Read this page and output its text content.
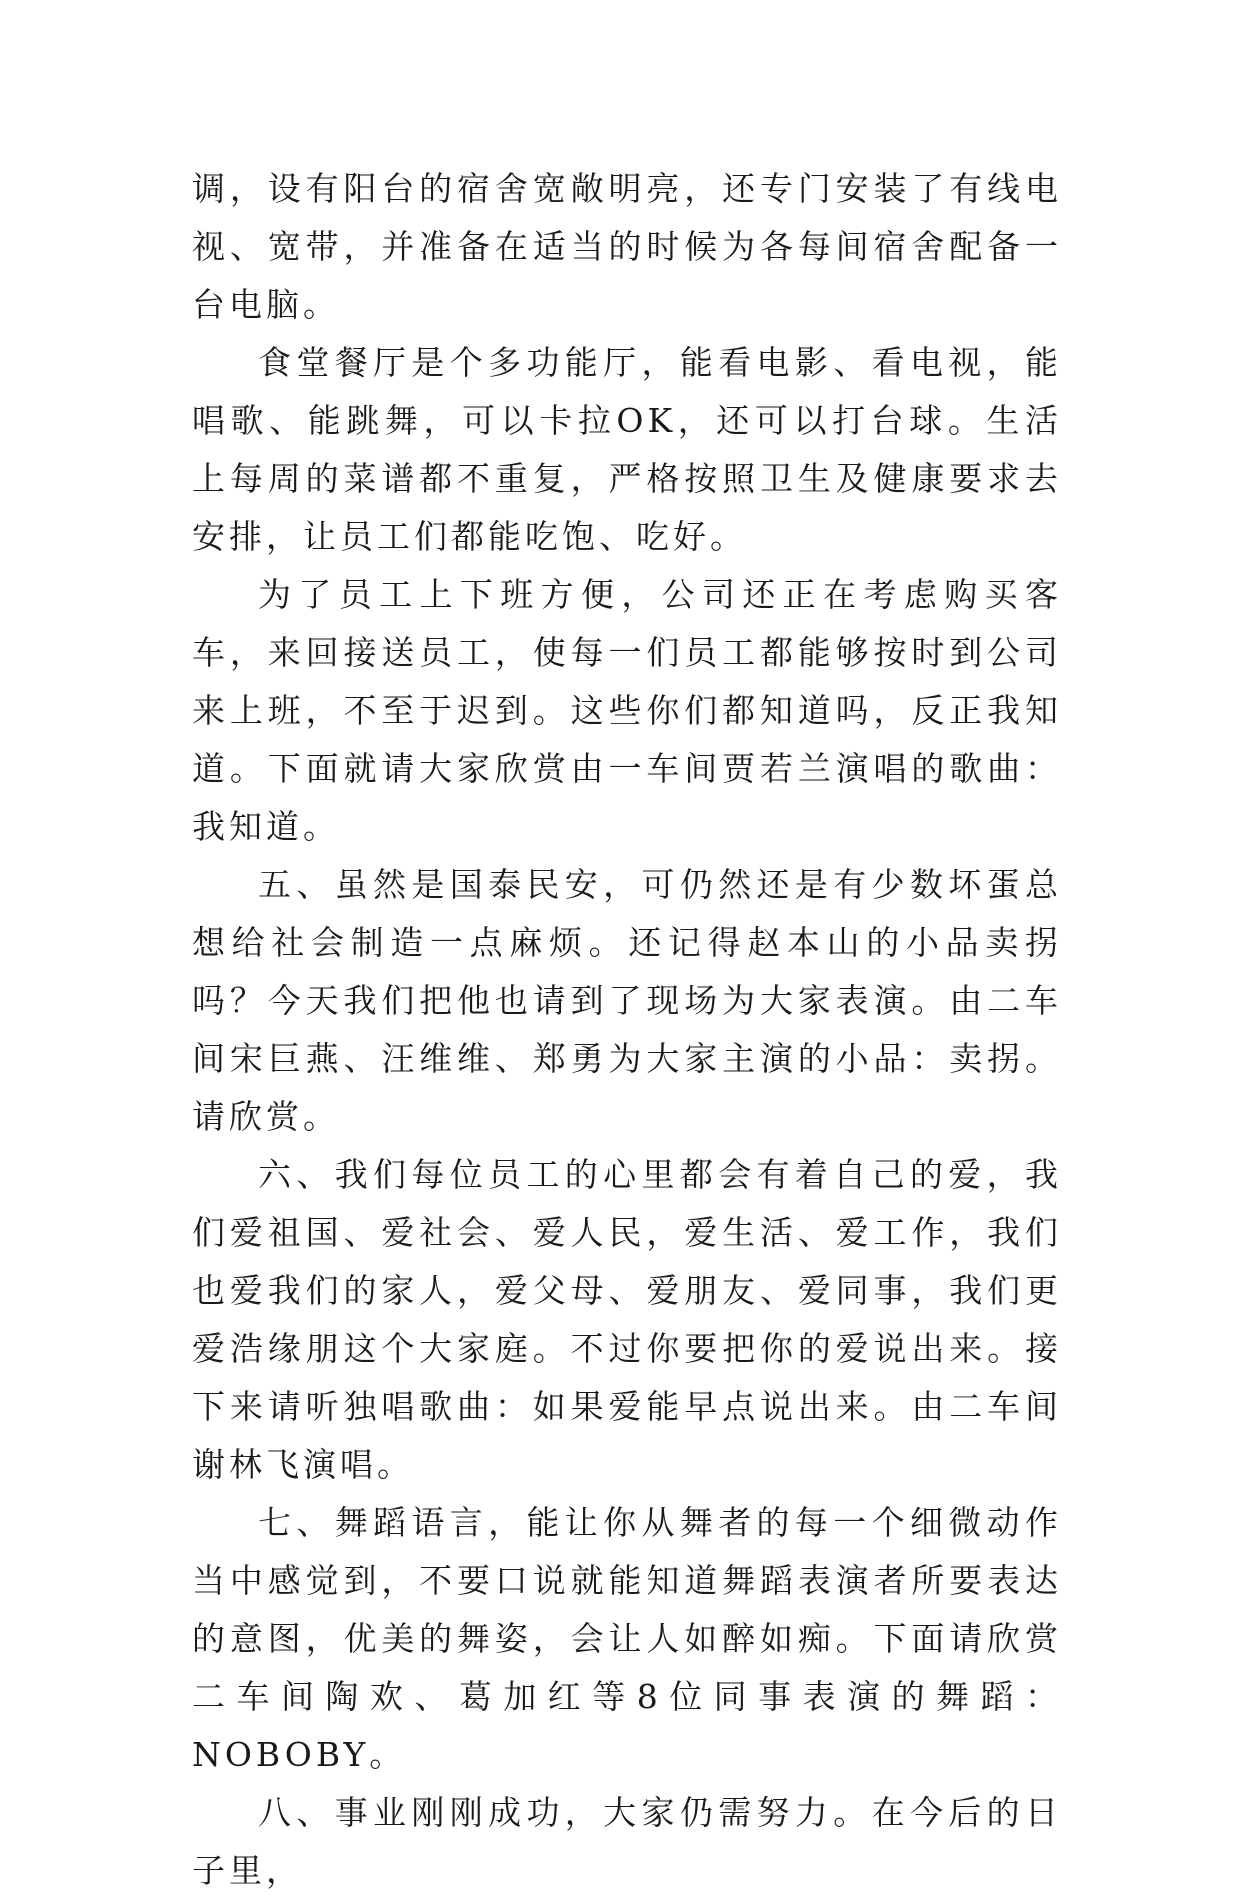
调，设有阳台的宿舍宽敞明亮，还专门安装了有线电视、宽带，并准备在适当的时候为各每间宿舍配备一台电脑。

食堂餐厅是个多功能厅，能看电影、看电视，能唱歌、能跳舞，可以卡拉OK，还可以打台球。生活上每周的菜谱都不重复，严格按照卫生及健康要求去安排，让员工们都能吃饱、吃好。

为了员工上下班方便，公司还正在考虑购买客车，来回接送员工，使每一们员工都能够按时到公司来上班，不至于迟到。这些你们都知道吗，反正我知道。下面就请大家欣赏由一车间贾若兰演唱的歌曲：我知道。

五、虽然是国泰民安，可仍然还是有少数坏蛋总想给社会制造一点麻烦。还记得赵本山的小品卖拐吗？今天我们把他也请到了现场为大家表演。由二车间宋巨燕、汪维维、郑勇为大家主演的小品：卖拐。请欣赏。

六、我们每位员工的心里都会有着自己的爱，我们爱祖国、爱社会、爱人民，爱生活、爱工作，我们也爱我们的家人，爱父母、爱朋友、爱同事，我们更爱浩缘朋这个大家庭。不过你要把你的爱说出来。接下来请听独唱歌曲：如果爱能早点说出来。由二车间谢林飞演唱。

七、舞蹈语言，能让你从舞者的每一个细微动作当中感觉到，不要口说就能知道舞蹈表演者所要表达的意图，优美的舞姿，会让人如醉如痴。下面请欣赏二车间陶欢、葛加红等8位同事表演的舞蹈：NOBOBY。

八、事业刚刚成功，大家仍需努力。在今后的日子里，
